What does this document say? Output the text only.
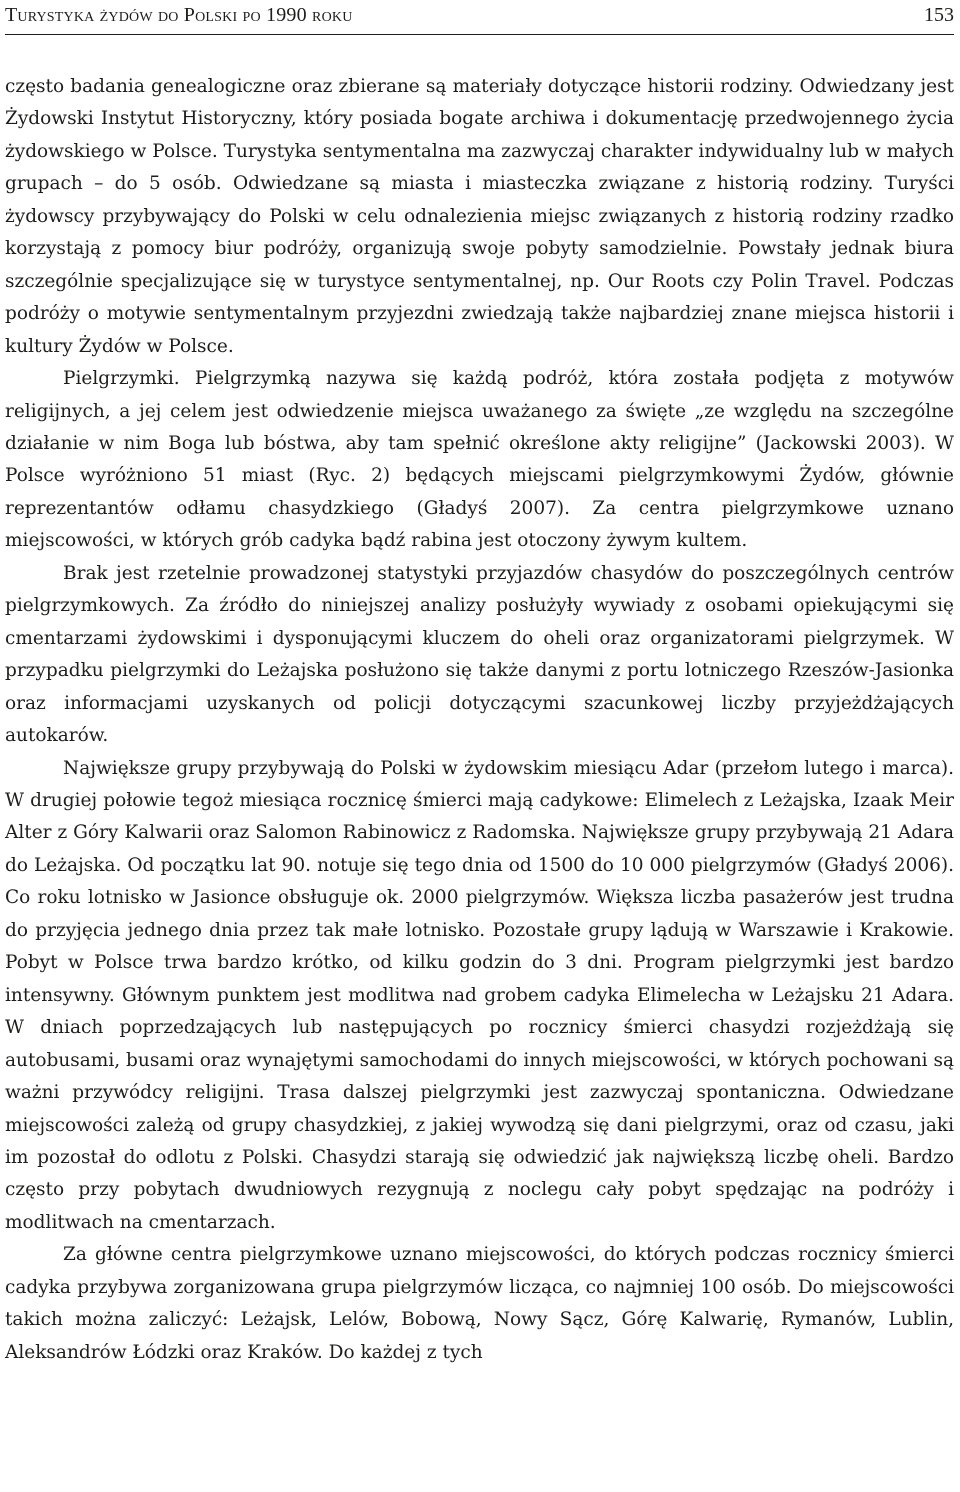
Turystyka żydów do Polski po 1990 roku	153

często badania genealogiczne oraz zbierane są materiały dotyczące historii rodziny. Odwiedzany jest Żydowski Instytut Historyczny, który posiada bogate archiwa i dokumentację przedwojennego życia żydowskiego w Polsce. Turystyka sentymentalna ma zazwyczaj charakter indywidualny lub w małych grupach – do 5 osób. Odwiedzane są miasta i miasteczka związane z historią rodziny. Turyści żydowscy przybywający do Polski w celu odnalezienia miejsc związanych z historią rodziny rzadko korzystają z pomocy biur podróży, organizują swoje pobyty samodzielnie. Powstały jednak biura szczególnie specjalizujące się w turystyce sentymentalnej, np. Our Roots czy Polin Travel. Podczas podróży o motywie sentymentalnym przyjezdni zwiedzają także najbardziej znane miejsca historii i kultury Żydów w Polsce.

Pielgrzymki. Pielgrzymką nazywa się każdą podróż, która została podjęta z motywów religijnych, a jej celem jest odwiedzenie miejsca uważanego za święte „ze względu na szczególne działanie w nim Boga lub bóstwa, aby tam spełnić określone akty religijne” (Jackowski 2003). W Polsce wyróżniono 51 miast (Ryc. 2) będących miejscami pielgrzymkowymi Żydów, głównie reprezentantów odłamu chasydzkiego (Gładyś 2007). Za centra pielgrzymkowe uznano miejscowości, w których grób cadyka bądź rabina jest otoczony żywym kultem.

Brak jest rzetelnie prowadzonej statystyki przyjazdów chasydów do poszczególnych centrów pielgrzymkowych. Za źródło do niniejszej analizy posłużyły wywiady z osobami opiekującymi się cmentarzami żydowskimi i dysponującymi kluczem do oheli oraz organizatorami pielgrzymek. W przypadku pielgrzymki do Leżajska posłużono się także danymi z portu lotniczego Rzeszów-Jasionka oraz informacjami uzyskanych od policji dotyczącymi szacunkowej liczby przyjeżdżających autokarów.

Największe grupy przybywają do Polski w żydowskim miesiącu Adar (przełom lutego i marca). W drugiej połowie tegoż miesiąca rocznicę śmierci mają cadykowe: Elimelech z Leżajska, Izaak Meir Alter z Góry Kalwarii oraz Salomon Rabinowicz z Radomska. Największe grupy przybywają 21 Adara do Leżajska. Od początku lat 90. notuje się tego dnia od 1500 do 10 000 pielgrzymów (Gładyś 2006). Co roku lotnisko w Jasionce obsługuje ok. 2000 pielgrzymów. Większa liczba pasażerów jest trudna do przyjęcia jednego dnia przez tak małe lotnisko. Pozostałe grupy lądują w Warszawie i Krakowie. Pobyt w Polsce trwa bardzo krótko, od kilku godzin do 3 dni. Program pielgrzymki jest bardzo intensywny. Głównym punktem jest modlitwa nad grobem cadyka Elimelecha w Leżajsku 21 Adara. W dniach poprzedzających lub następujących po rocznicy śmierci chasydzi rozjeżdżają się autobusami, busami oraz wynajętymi samochodami do innych miejscowości, w których pochowani są ważni przywódcy religijni. Trasa dalszej pielgrzymki jest zazwyczaj spontaniczna. Odwiedzane miejscowości zależą od grupy chasydzkiej, z jakiej wywodzą się dani pielgrzymi, oraz od czasu, jaki im pozostał do odlotu z Polski. Chasydzi starają się odwiedzić jak największą liczbę oheli. Bardzo często przy pobytach dwudniowych rezygnują z noclegu cały pobyt spędzając na podróży i modlitwach na cmentarzach.

Za główne centra pielgrzymkowe uznano miejscowości, do których podczas rocznicy śmierci cadyka przybywa zorganizowana grupa pielgrzymów licząca, co najmniej 100 osób. Do miejscowości takich można zaliczyć: Leżajsk, Lelów, Bobową, Nowy Sącz, Górę Kalwarię, Rymanów, Lublin, Aleksandrów Łódzki oraz Kraków. Do każdej z tych
